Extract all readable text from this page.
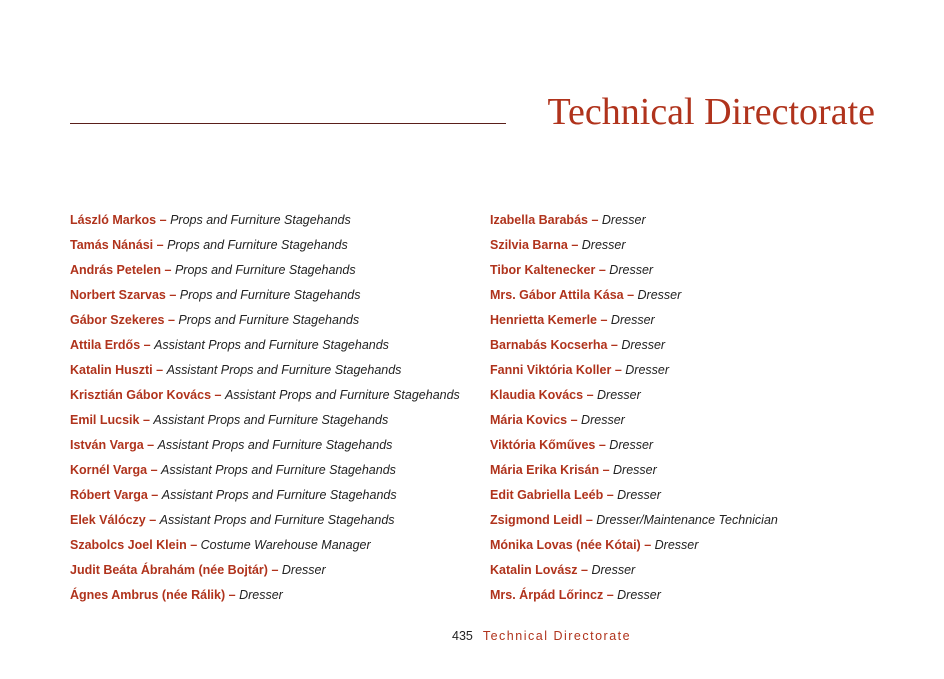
Technical Directorate
László Markos – Props and Furniture Stagehands
Tamás Nánási – Props and Furniture Stagehands
András Petelen – Props and Furniture Stagehands
Norbert Szarvas – Props and Furniture Stagehands
Gábor Szekeres – Props and Furniture Stagehands
Attila Erdős – Assistant Props and Furniture Stagehands
Katalin Huszti – Assistant Props and Furniture Stagehands
Krisztián Gábor Kovács – Assistant Props and Furniture Stagehands
Emil Lucsik – Assistant Props and Furniture Stagehands
István Varga – Assistant Props and Furniture Stagehands
Kornél Varga – Assistant Props and Furniture Stagehands
Róbert Varga – Assistant Props and Furniture Stagehands
Elek Válóczy – Assistant Props and Furniture Stagehands
Szabolcs Joel Klein – Costume Warehouse Manager
Judit Beáta Ábrahám (née Bojtár) – Dresser
Ágnes Ambrus (née Rálik) – Dresser
Izabella Barabás – Dresser
Szilvia Barna – Dresser
Tibor Kaltenecker – Dresser
Mrs. Gábor Attila Kása – Dresser
Henrietta Kemerle – Dresser
Barnabás Kocserha – Dresser
Fanni Viktória Koller – Dresser
Klaudia Kovács – Dresser
Mária Kovics – Dresser
Viktória Kőműves – Dresser
Mária Erika Krisán – Dresser
Edit Gabriella Leéb – Dresser
Zsigmond Leidl – Dresser/Maintenance Technician
Mónika Lovas (née Kótai) – Dresser
Katalin Lovász – Dresser
Mrs. Árpád Lőrincz – Dresser
435 Technical Directorate
